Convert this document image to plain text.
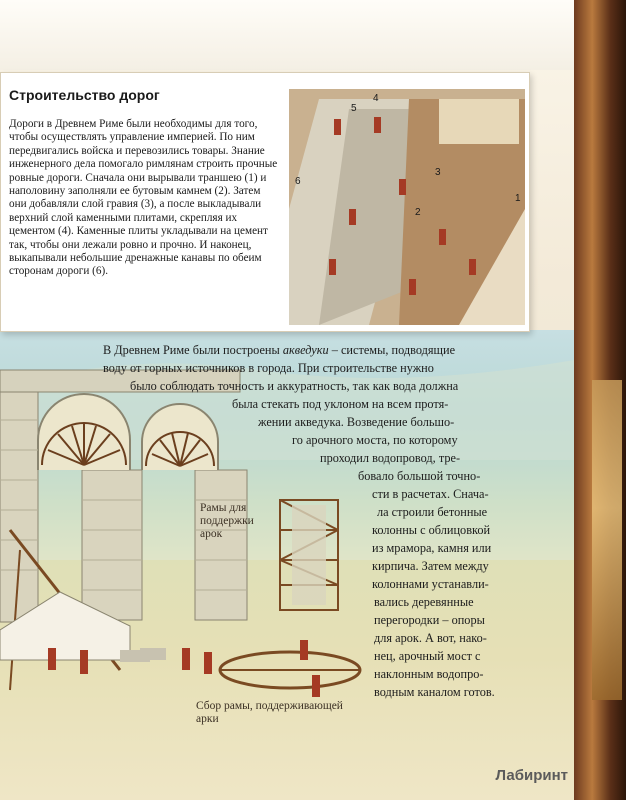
Строительство дорог

Дороги в Древнем Риме были необходимы для того, чтобы осуществлять управление империей. По ним передвигались войска и перевозились товары. Знание инженерного дела помогало римлянам строить прочные ровные дороги. Сначала они вырывали траншею (1) и наполовину заполняли ее бутовым камнем (2). Затем они добавляли слой гравия (3), а после выкладывали верхний слой каменными плитами, скрепляя их цементом (4). Каменные плиты укладывали на цемент так, чтобы они лежали ровно и прочно. И наконец, выкапывали небольшие дренажные канавы по обеим сторонам дороги (6).

5
4
3
6
2
1
В Древнем Риме были построены акведуки – системы, подводящие
воду от горных источников в города. При строительстве нужно
было соблюдать точность и аккуратность, так как вода должна
была стекать под уклоном на всем протя-
жении акведука. Возведение большо-
го арочного моста, по которому
проходил водопровод, тре-
бовало большой точно-
сти в расчетах. Снача-
ла строили бетонные
колонны с облицовкой
из мрамора, камня или
кирпича. Затем между
колоннами устанавли-
вались деревянные
перегородки – опоры
для арок. А вот, нако-
нец, арочный мост с
наклонным водопро-
водным каналом готов.
Рамы для поддержки арок
Сбор рамы, поддерживающей арки
Лабиринт
